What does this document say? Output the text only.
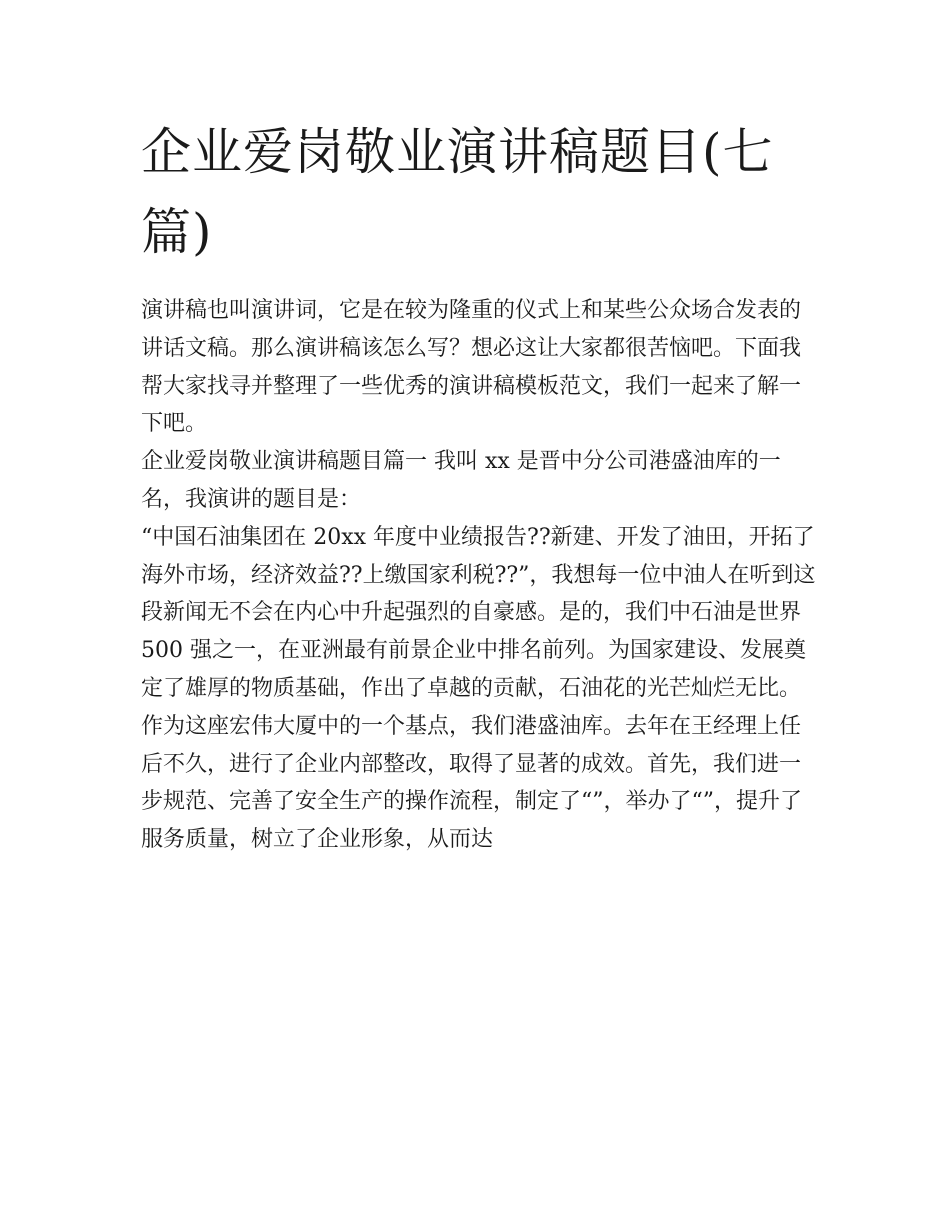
企业爱岗敬业演讲稿题目(七篇)

演讲稿也叫演讲词，它是在较为隆重的仪式上和某些公众场合发表的讲话文稿。那么演讲稿该怎么写？想必这让大家都很苦恼吧。下面我帮大家找寻并整理了一些优秀的演讲稿模板范文，我们一起来了解一下吧。

企业爱岗敬业演讲稿题目篇一 我叫 xx 是晋中分公司港盛油库的一名，我演讲的题目是：

“中国石油集团在 20xx 年度中业绩报告??新建、开发了油田，开拓了海外市场，经济效益??上缴国家利税??”，我想每一位中油人在听到这段新闻无不会在内心中升起强烈的自豪感。是的，我们中石油是世界 500 强之一，在亚洲最有前景企业中排名前列。为国家建设、发展奠定了雄厚的物质基础，作出了卓越的贡献，石油花的光芒灿烂无比。

作为这座宏伟大厦中的一个基点，我们港盛油库。去年在王经理上任后不久，进行了企业内部整改，取得了显著的成效。首先，我们进一步规范、完善了安全生产的操作流程，制定了“”，举办了“”，提升了服务质量，树立了企业形象，从而达
